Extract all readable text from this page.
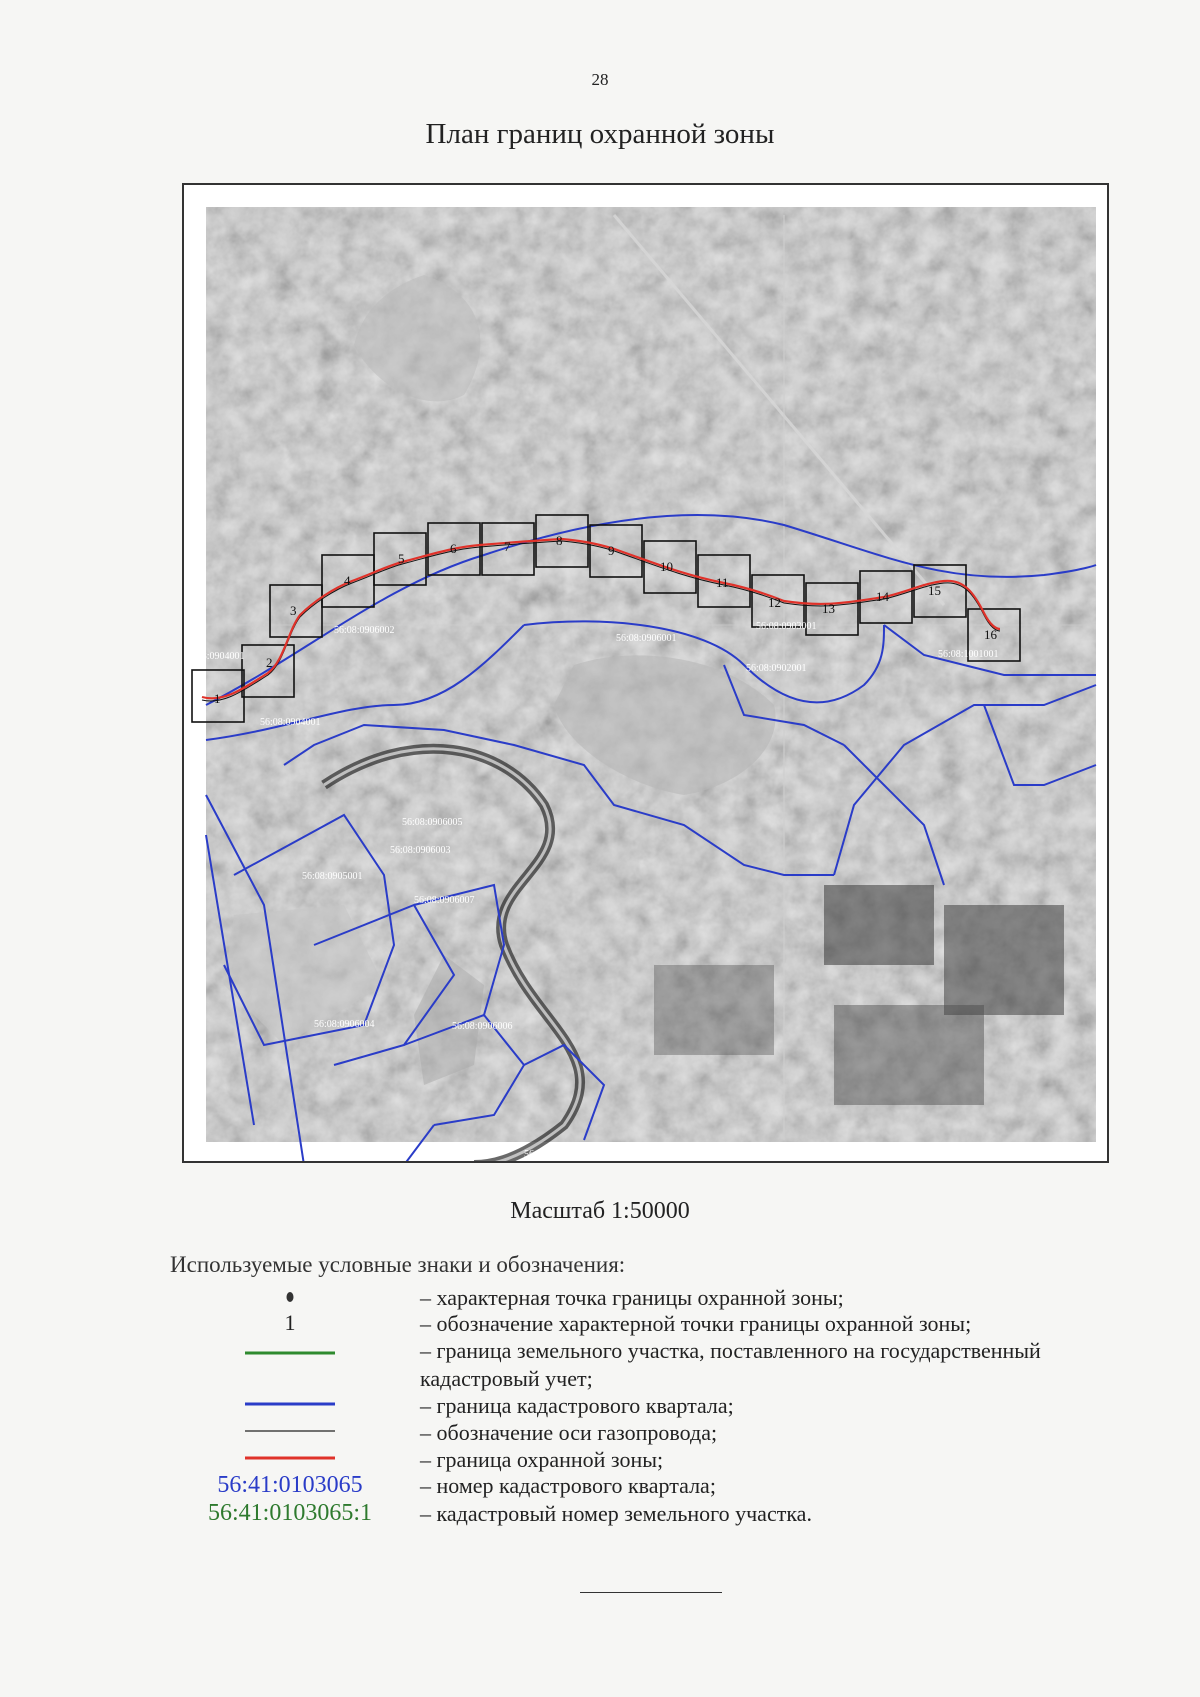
28
План границ охранной зоны
1
2
3
4
5
6	7	8
9
10
11
12	13
14	15
16
56:08:0904001
56:08:0904001
56:08:0906002
56:08:0906001
56:08:0903001
56:08:0902001
56:08:1001001
56:08:0906005
56:08:0906003
56:08:0905001
56:08:0906007
56:08:0906004	56:08:0906006
56:08:0603005
Масштаб 1:50000
Используемые условные знаки и обозначения:
– характерная точка границы охранной зоны;
1	– обозначение характерной точки границы охранной зоны;
– граница земельного участка, поставленного на государственный кадастровый учет;
– граница кадастрового квартала;
– обозначение оси газопровода;
– граница охранной зоны;
56:41:0103065	– номер кадастрового квартала;
56:41:0103065:1	– кадастровый номер земельного участка.
